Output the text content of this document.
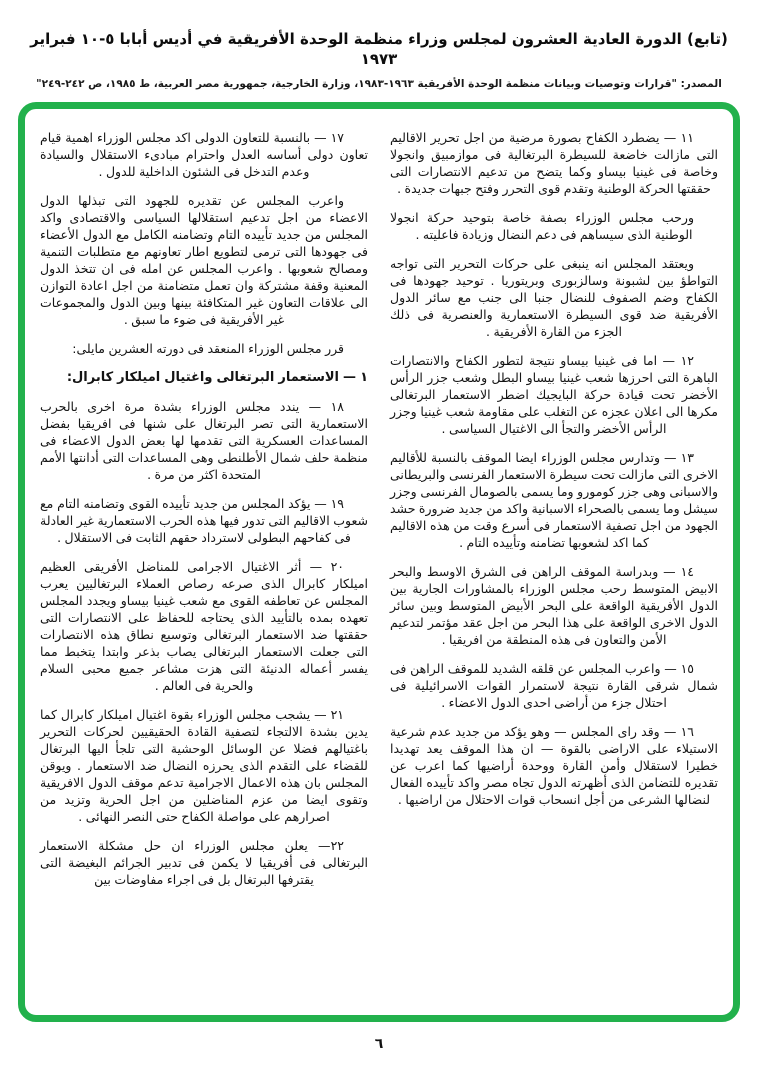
(تابع) الدورة العادية العشرون لمجلس وزراء منظمة الوحدة الأفريقية في أديس أبابا ٥-١٠ فبراير ١٩٧٣
المصدر: "قرارات وتوصيات وبيانات منظمة الوحدة الأفريقية ١٩٦٣-١٩٨٣، وزارة الخارجية، جمهورية مصر العربية، ط ١٩٨٥، ص ٢٤٢-٢٤٩"

١١ — يضطرد الكفاح بصورة مرضية من اجل تحرير الاقاليم التى مازالت خاضعة للسيطرة البرتغالية فى موازمبيق وانجولا وخاصة فى غينيا بيساو وكما يتضح من تدعيم الانتصارات التى حققتها الحركة الوطنية وتقدم قوى التحرر وفتح جبهات جديدة .

ورحب مجلس الوزراء بصفة خاصة بتوحيد حركة انجولا الوطنية الذى سيساهم فى دعم النضال وزيادة فاعليته .

ويعتقد المجلس انه ينبغى على حركات التحرير التى تواجه التواطؤ بين لشبونة وسالزبورى وبريتوريا . توحيد جهودها فى الكفاح وضم الصفوف للنضال جنبا الى جنب مع سائر الدول الأفريقية ضد قوى السيطرة الاستعمارية والعنصرية فى ذلك الجزء من القارة الأفريقية .

١٢ — اما فى غينيا بيساو نتيجة لتطور الكفاح والانتصارات الباهرة التى احرزها شعب غينيا بيساو البطل وشعب جزر الرأس الأخضر تحت قيادة حركة البايجيك اضطر الاستعمار البرتغالى مكرها الى اعلان عجزه عن التغلب على مقاومة شعب غينيا وجزر الرأس الأخضر والتجأ الى الاغتيال السياسى .

١٣ — وتدارس مجلس الوزراء ايضا الموقف بالنسبة للأقاليم الاخرى التى مازالت تحت سيطرة الاستعمار الفرنسى والبريطانى والاسبانى وهى جزر كومورو وما يسمى بالصومال الفرنسى وجزر سيشل وما يسمى بالصحراء الاسبانية واكد من جديد ضرورة حشد الجهود من اجل تصفية الاستعمار فى أسرع وقت من هذه الاقاليم كما اكد لشعوبها تضامنه وتأييده التام .

١٤ — وبدراسة الموقف الراهن فى الشرق الاوسط والبحر الابيض المتوسط رحب مجلس الوزراء بالمشاورات الجارية بين الدول الأفريقية الواقعة على البحر الأبيض المتوسط وبين سائر الدول الاخرى الواقعة على هذا البحر من اجل عقد مؤتمر لتدعيم الأمن والتعاون فى هذه المنطقة من افريقيا .

١٥ — واعرب المجلس عن قلقه الشديد للموقف الراهن فى شمال شرقى القارة نتيجة لاستمرار القوات الاسرائيلية فى احتلال جزء من أراضى احدى الدول الاعضاء .

١٦ — وقد راى المجلس — وهو يؤكد من جديد عدم شرعية الاستيلاء على الاراضى بالقوة — ان هذا الموقف يعد تهديدا خطيرا لاستقلال وأمن القارة ووحدة أراضيها كما اعرب عن تقديره للتضامن الذى أظهرته الدول تجاه مصر واكد تأييده الفعال لنضالها الشرعى من أجل انسحاب قوات الاحتلال من اراضيها .

١٧ — بالنسبة للتعاون الدولى اكد مجلس الوزراء اهمية قيام تعاون دولى أساسه العدل واحترام مبادىء الاستقلال والسيادة وعدم التدخل فى الشئون الداخلية للدول .

واعرب المجلس عن تقديره للجهود التى تبذلها الدول الاعضاء من اجل تدعيم استقلالها السياسى والاقتصادى واكد المجلس من جديد تأييده التام وتضامنه الكامل مع الدول الأعضاء فى جهودها التى ترمى لتطويع اطار تعاونهم مع متطلبات التنمية ومصالح شعوبها . واعرب المجلس عن امله فى ان تتخذ الدول المعنية وقفة مشتركة وان تعمل متضامنة من اجل اعادة التوازن الى علاقات التعاون غير المتكافئة بينها وبين الدول والمجموعات غير الأفريقية فى ضوء ما سبق .

قرر مجلس الوزراء المنعقد فى دورته العشرين مايلى:

١ — الاستعمار البرتغالى واغتيال اميلكار كابرال:

١٨ — يندد مجلس الوزراء بشدة مرة اخرى بالحرب الاستعمارية التى تصر البرتغال على شنها فى افريقيا بفضل المساعدات العسكرية التى تقدمها لها بعض الدول الاعضاء فى منظمة حلف شمال الأطلنطى وهى المساعدات التى أدانتها الأمم المتحدة اكثر من مرة .

١٩ — يؤكد المجلس من جديد تأييده القوى وتضامنه التام مع شعوب الاقاليم التى تدور فيها هذه الحرب الاستعمارية غير العادلة فى كفاحهم البطولى لاسترداد حقهم الثابت فى الاستقلال .

٢٠ — أثر الاغتيال الاجرامى للمناضل الأفريقى العظيم اميلكار كابرال الذى صرعه رصاص العملاء البرتغاليين يعرب المجلس عن تعاطفه القوى مع شعب غينيا بيساو ويجدد المجلس تعهده بمده بالتأييد الذى يحتاجه للحفاظ على الانتصارات التى حققتها ضد الاستعمار البرتغالى وتوسيع نطاق هذه الانتصارات التى جعلت الاستعمار البرتغالى يصاب بذعر وابتدا يتخبط مما يفسر أعماله الدنيئة التى هزت مشاعر جميع محبى السلام والحرية فى العالم .

٢١ — يشجب مجلس الوزراء بقوة اغتيال اميلكار كابرال كما يدين بشدة الالتجاء لتصفية القادة الحقيقيين لحركات التحرير باغتيالهم فضلا عن الوسائل الوحشية التى تلجأ اليها البرتغال للقضاء على التقدم الذى يحرزه النضال ضد الاستعمار . ويوقن المجلس بان هذه الاعمال الاجرامية تدعم موقف الدول الافريقية وتقوى ايضا من عزم المناضلين من اجل الحرية وتزيد من اصرارهم على مواصلة الكفاح حتى النصر النهائى .

٢٢— يعلن مجلس الوزراء ان حل مشكلة الاستعمار البرتغالى فى أفريقيا لا يكمن فى تدبير الجرائم البغيضة التى يقترفها البرتغال بل فى اجراء مفاوضات بين

٦
